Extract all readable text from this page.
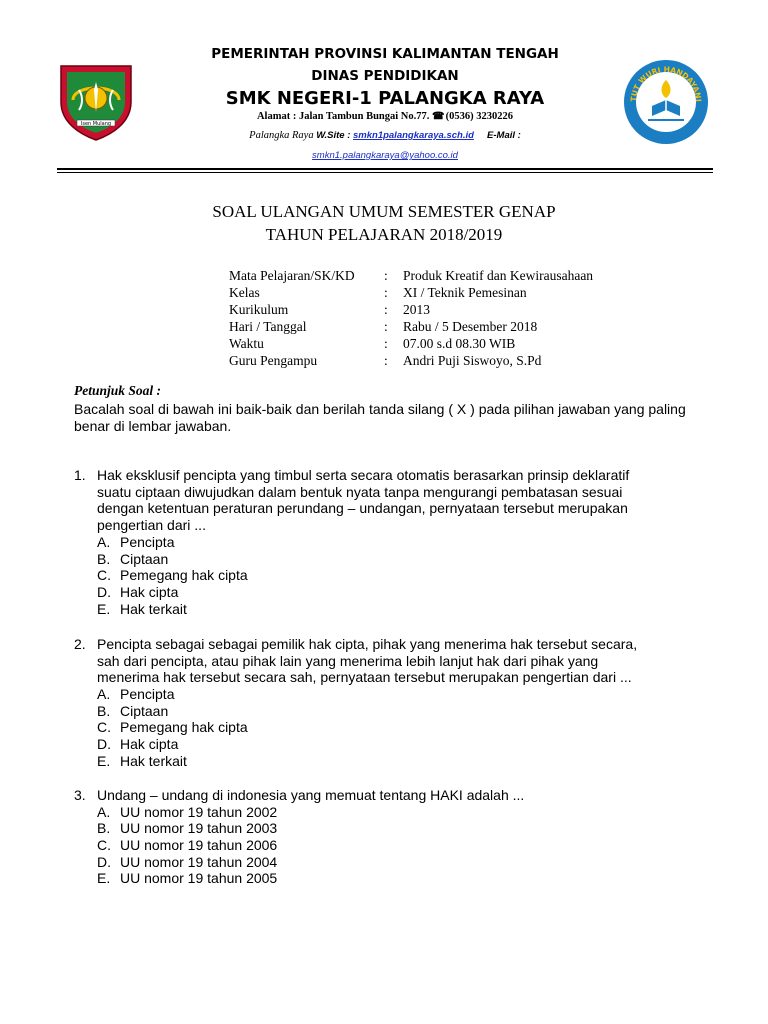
Isen Mulang
TUT WURI HANDAYANI
PEMERINTAH PROVINSI KALIMANTAN TENGAH
DINAS PENDIDIKAN
SMK NEGERI-1 PALANGKA RAYA
Alamat : Jalan Tambun Bungai No.77. ☎ (0536) 3230226
Palangka Raya W.Site : smkn1palangkaraya.sch.id E-Mail :
smkn1.palangkaraya@yahoo.co.id
SOAL ULANGAN UMUM SEMESTER GENAP
TAHUN PELAJARAN 2018/2019
Mata Pelajaran/SK/KD : Produk Kreatif dan Kewirausahaan
Kelas	: XI / Teknik Pemesinan
Kurikulum	: 2013
Hari / Tanggal	: Rabu / 5 Desember 2018
Waktu	: 07.00 s.d 08.30 WIB
Guru Pengampu	: Andri Puji Siswoyo, S.Pd
Petunjuk Soal :
Bacalah soal di bawah ini baik-baik dan berilah tanda silang ( X ) pada pilihan jawaban yang paling benar di lembar jawaban.
1. Hak eksklusif pencipta yang timbul serta secara otomatis berasarkan prinsip deklaratif
suatu ciptaan diwujudkan dalam bentuk nyata tanpa mengurangi pembatasan sesuai
dengan ketentuan peraturan perundang – undangan, pernyataan tersebut merupakan
pengertian dari ...
A. Pencipta
B. Ciptaan
C. Pemegang hak cipta
D. Hak cipta
E. Hak terkait
2. Pencipta sebagai sebagai pemilik hak cipta, pihak yang menerima hak tersebut secara,
sah dari pencipta, atau pihak lain yang menerima lebih lanjut hak dari pihak yang
menerima hak tersebut secara sah, pernyataan tersebut merupakan pengertian dari ...
A. Pencipta
B. Ciptaan
C. Pemegang hak cipta
D. Hak cipta
E. Hak terkait
3. Undang – undang di indonesia yang memuat tentang HAKI adalah ...
A. UU nomor 19 tahun 2002
B. UU nomor 19 tahun 2003
C. UU nomor 19 tahun 2006
D. UU nomor 19 tahun 2004
E. UU nomor 19 tahun 2005
